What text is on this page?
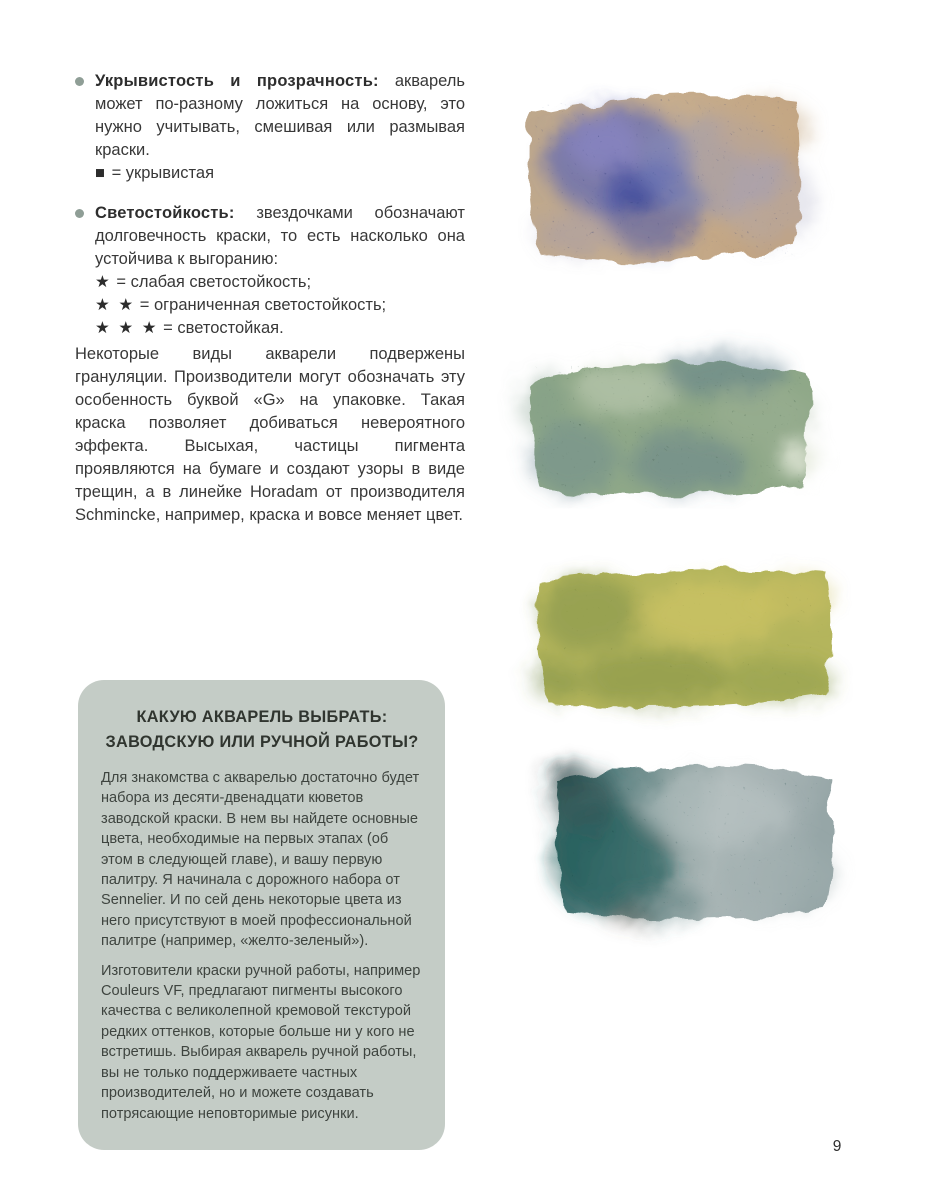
Укрывистость и прозрачность: акварель может по-разному ложиться на основу, это нужно учитывать, смешивая или размывая краски.

■ = укрывистая

Светостойкость: звездочками обозначают долговечность краски, то есть насколько она устойчива к выгоранию:

★ = слабая светостойкость;
★ ★ = ограниченная светостойкость;
★ ★ ★ = светостойкая.

Некоторые виды акварели подвержены грануляции. Производители могут обозначать эту особенность буквой «G» на упаковке. Такая краска позволяет добиваться невероятного эффекта. Высыхая, частицы пигмента проявляются на бумаге и создают узоры в виде трещин, а в линейке Horadam от производителя Schmincke, например, краска и вовсе меняет цвет.

КАКУЮ АКВАРЕЛЬ ВЫБРАТЬ:
ЗАВОДСКУЮ ИЛИ РУЧНОЙ РАБОТЫ?

Для знакомства с акварелью достаточно будет набора из десяти-двенадцати кюветов заводской краски. В нем вы найдете основные цвета, необходимые на первых этапах (об этом в следующей главе), и вашу первую палитру. Я начинала с дорожного набора от Sennelier. И по сей день некоторые цвета из него присутствуют в моей профессиональной палитре (например, «желто-зеленый»).

Изготовители краски ручной работы, например Couleurs VF, предлагают пигменты высокого качества с великолепной кремовой текстурой редких оттенков, которые больше ни у кого не встретишь. Выбирая акварель ручной работы, вы не только поддерживаете частных производителей, но и можете создавать потрясающие неповторимые рисунки.

9
